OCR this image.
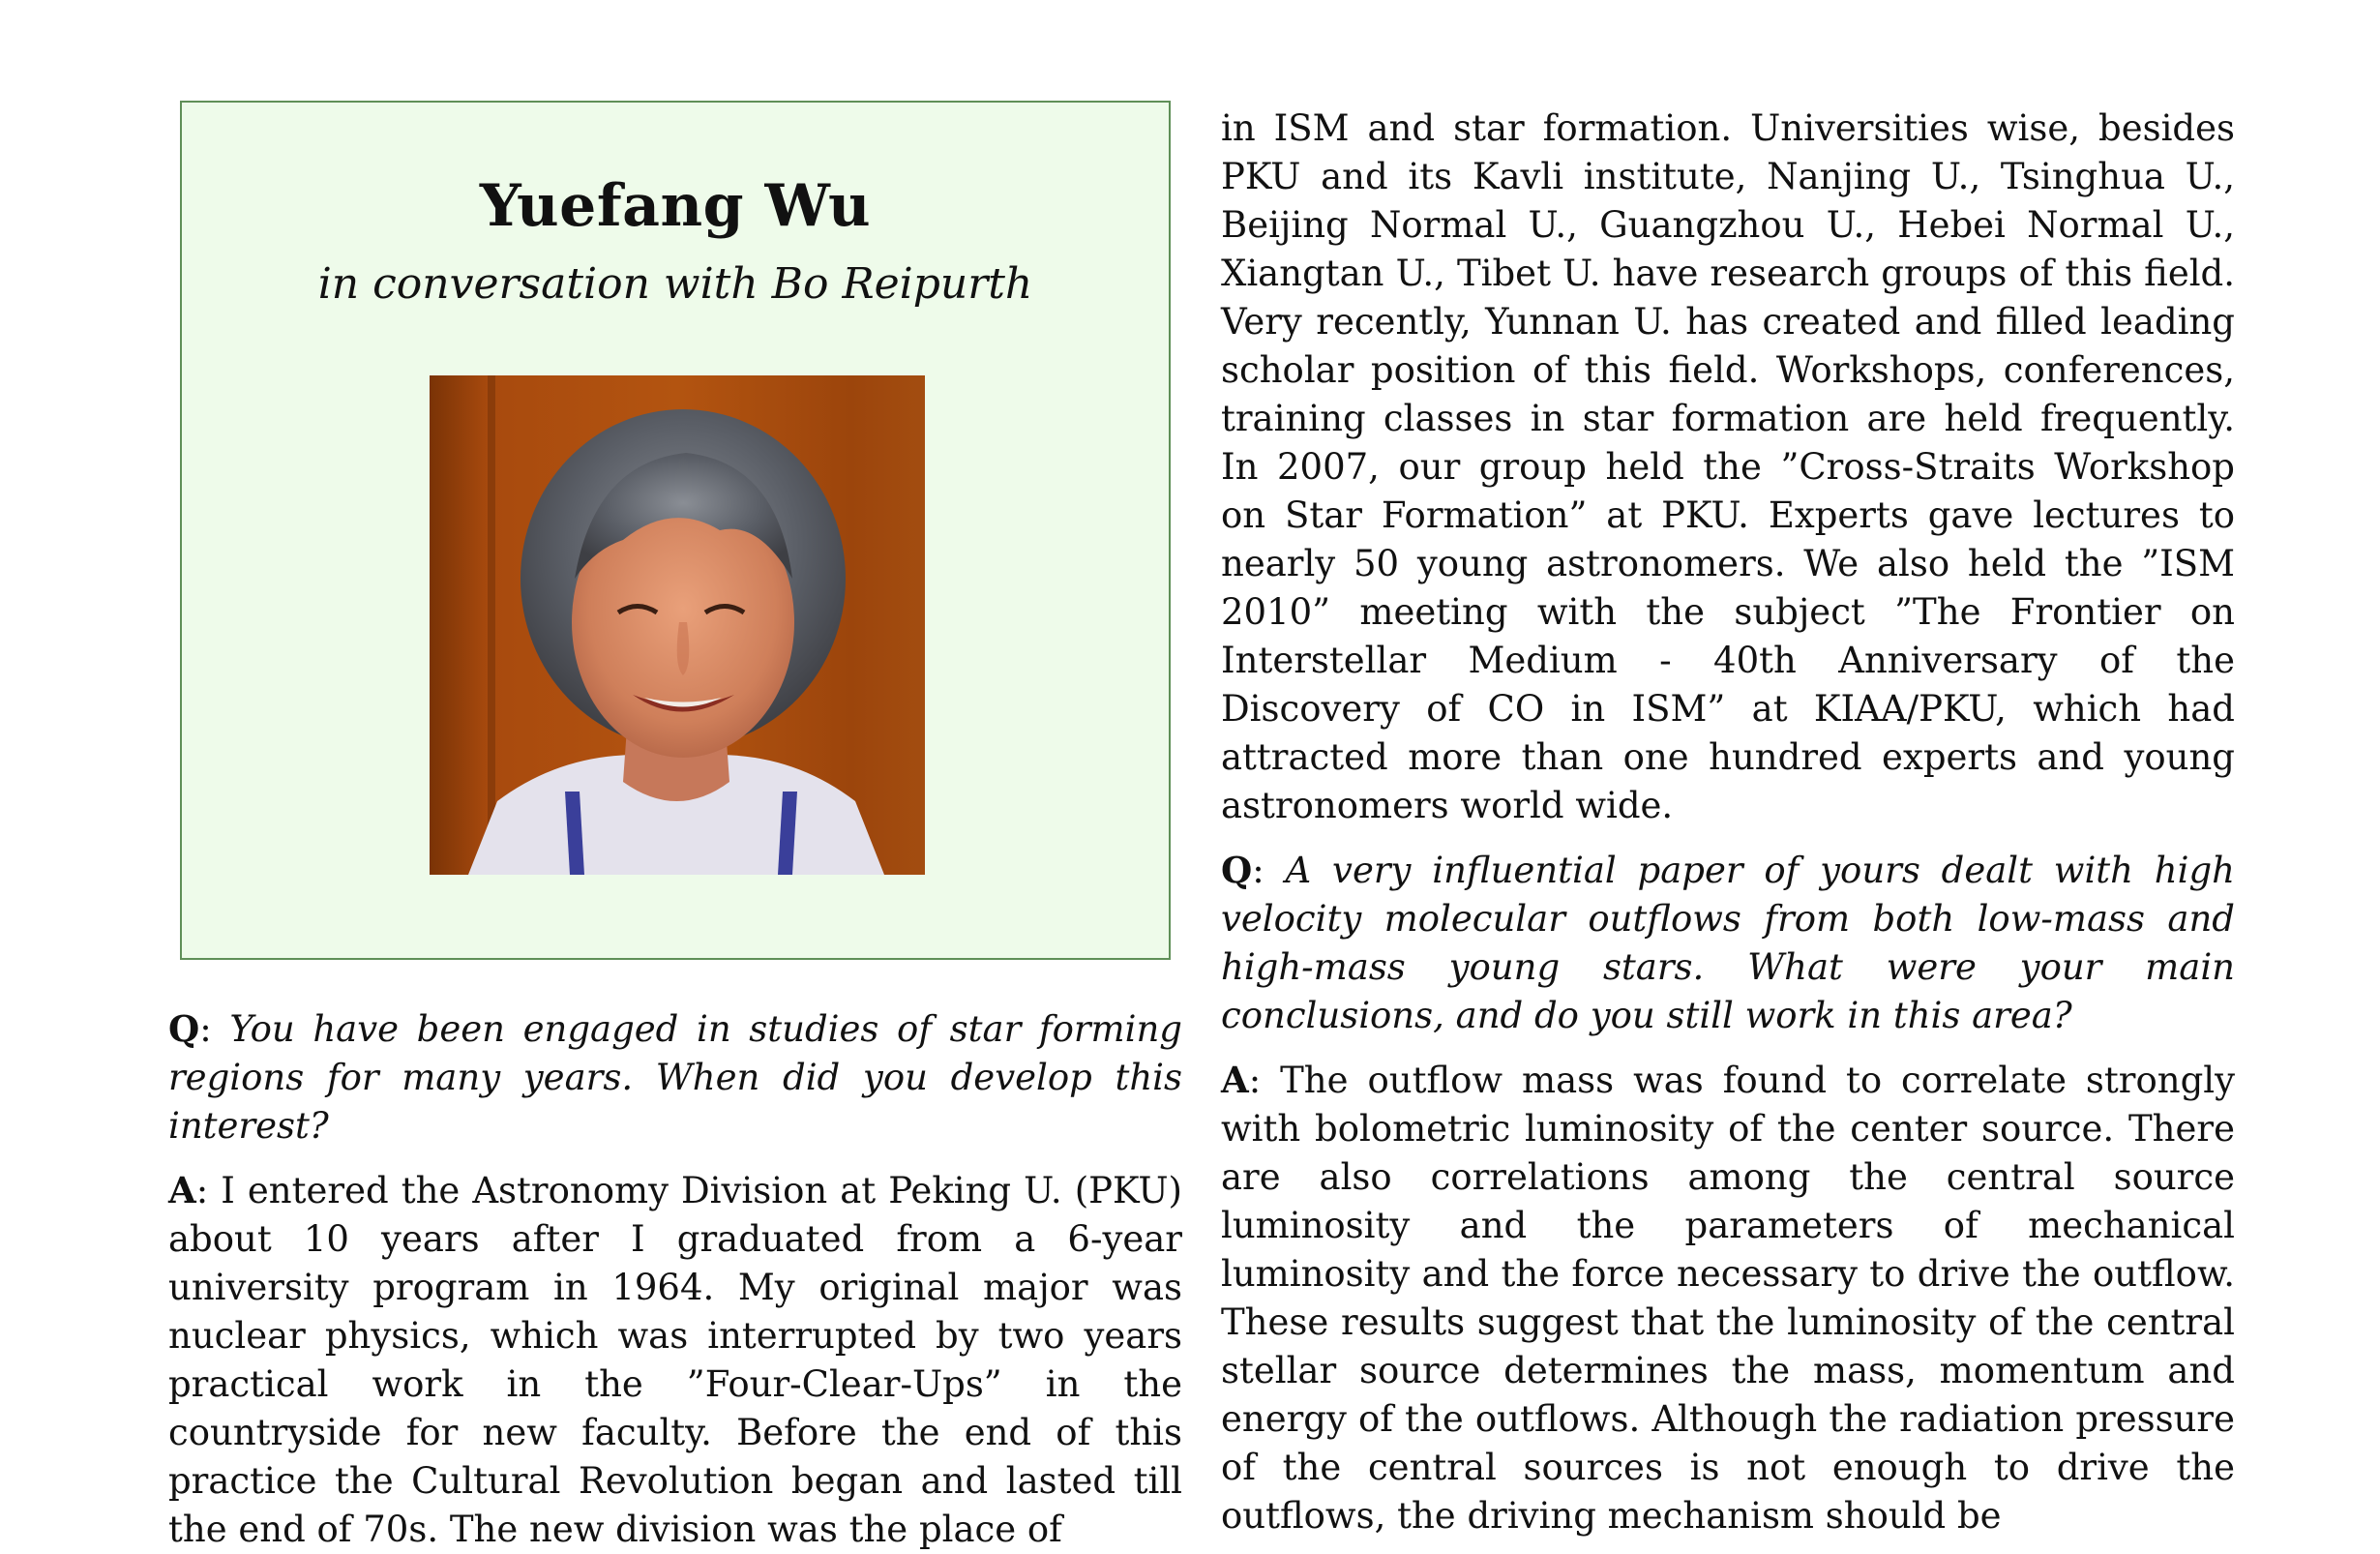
Yuefang Wu
in conversation with Bo Reipurth

Q: You have been engaged in studies of star forming regions for many years. When did you develop this interest?

A: I entered the Astronomy Division at Peking U. (PKU) about 10 years after I graduated from a 6-year university program in 1964. My original major was nuclear physics, which was interrupted by two years practical work in the ”Four-Clear-Ups” in the countryside for new faculty. Before the end of this practice the Cultural Revolution began and lasted till the end of 70s. The new division was the place of

in ISM and star formation. Universities wise, besides PKU and its Kavli institute, Nanjing U., Tsinghua U., Beijing Normal U., Guangzhou U., Hebei Normal U., Xiangtan U., Tibet U. have research groups of this field. Very recently, Yunnan U. has created and filled leading scholar position of this field. Workshops, conferences, training classes in star formation are held frequently. In 2007, our group held the ”Cross-Straits Workshop on Star Formation” at PKU. Experts gave lectures to nearly 50 young astronomers. We also held the ”ISM 2010” meeting with the subject ”The Frontier on Interstellar Medium - 40th Anniversary of the Discovery of CO in ISM” at KIAA/PKU, which had attracted more than one hundred experts and young astronomers world wide.

Q: A very influential paper of yours dealt with high velocity molecular outflows from both low-mass and high-mass young stars. What were your main conclusions, and do you still work in this area?

A: The outflow mass was found to correlate strongly with bolometric luminosity of the center source. There are also correlations among the central source luminosity and the parameters of mechanical luminosity and the force necessary to drive the outflow. These results suggest that the luminosity of the central stellar source determines the mass, momentum and energy of the outflows. Although the radiation pressure of the central sources is not enough to drive the outflows, the driving mechanism should be
